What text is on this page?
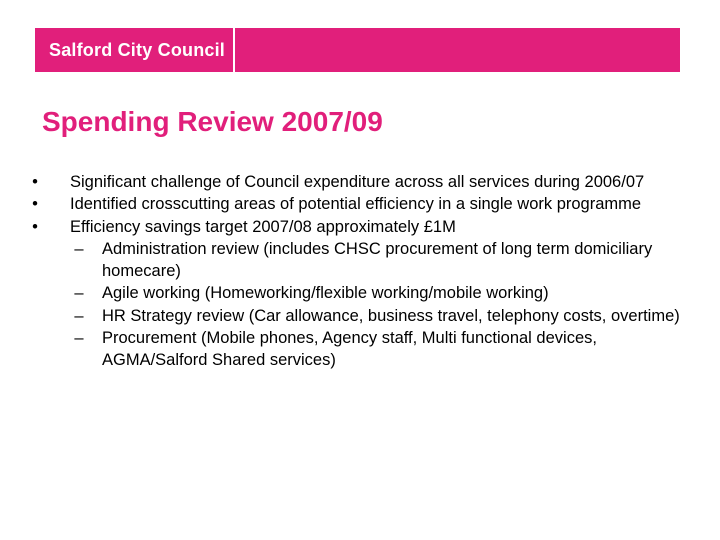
Salford City Council
Spending Review 2007/09
• Significant challenge of Council expenditure across all services during 2006/07
• Identified crosscutting areas of potential efficiency in a single work programme
• Efficiency savings target 2007/08 approximately £1M
– Administration review (includes CHSC procurement of long term domiciliary homecare)
– Agile working (Homeworking/flexible working/mobile working)
– HR Strategy review (Car allowance, business travel, telephony costs, overtime)
– Procurement (Mobile phones, Agency staff, Multi functional devices, AGMA/Salford Shared services)
